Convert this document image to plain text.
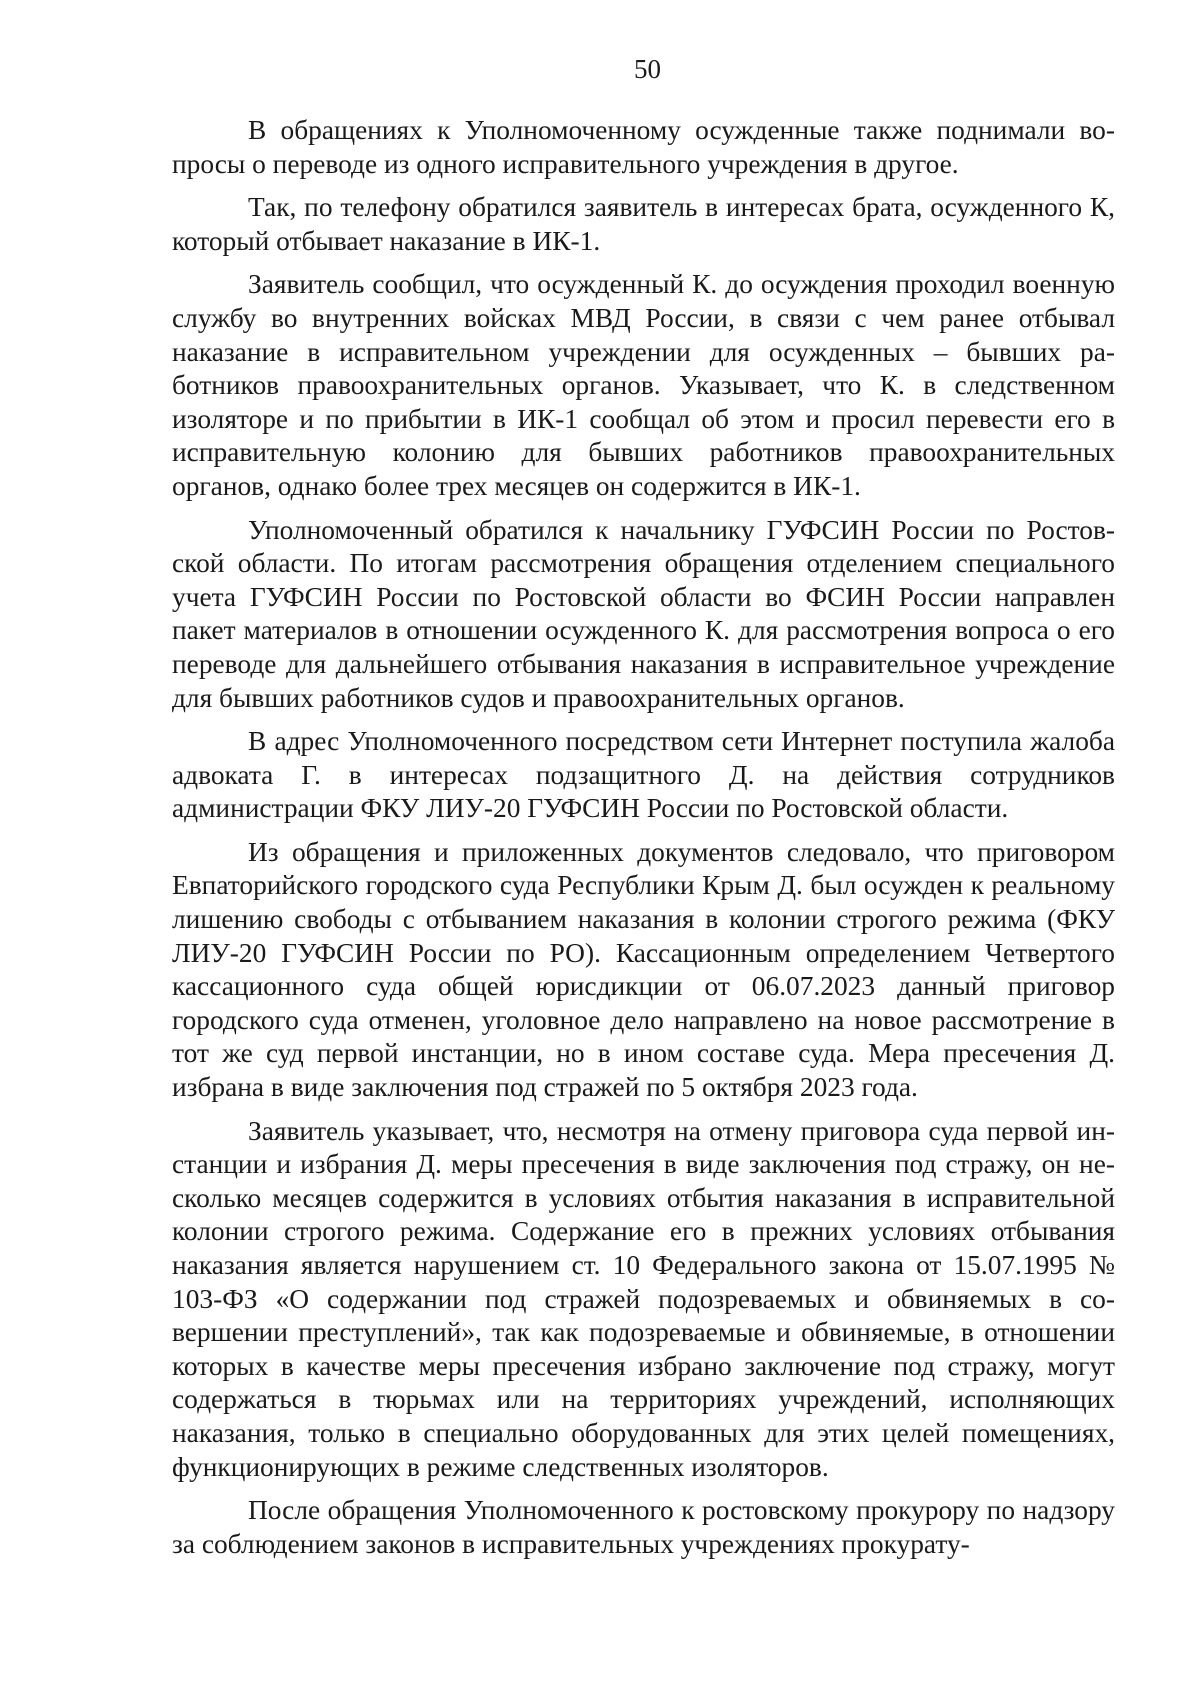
50

В обращениях к Уполномоченному осужденные также поднимали вопросы о переводе из одного исправительного учреждения в другое.

Так, по телефону обратился заявитель в интересах брата, осужденного К, который отбывает наказание в ИК-1.

Заявитель сообщил, что осужденный К. до осуждения проходил военную службу во внутренних войсках МВД России, в связи с чем ранее отбывал наказание в исправительном учреждении для осужденных – бывших работников правоохранительных органов. Указывает, что К. в следственном изоляторе и по прибытии в ИК-1 сообщал об этом и просил перевести его в исправительную колонию для бывших работников правоохранительных органов, однако более трех месяцев он содержится в ИК-1.

Уполномоченный обратился к начальнику ГУФСИН России по Ростовской области. По итогам рассмотрения обращения отделением специального учета ГУФСИН России по Ростовской области во ФСИН России направлен пакет материалов в отношении осужденного К. для рассмотрения вопроса о его переводе для дальнейшего отбывания наказания в исправительное учреждение для бывших работников судов и правоохранительных органов.

В адрес Уполномоченного посредством сети Интернет поступила жалоба адвоката Г. в интересах подзащитного Д. на действия сотрудников администрации ФКУ ЛИУ-20 ГУФСИН России по Ростовской области.

Из обращения и приложенных документов следовало, что приговором Евпаторийского городского суда Республики Крым Д. был осужден к реальному лишению свободы с отбыванием наказания в колонии строгого режима (ФКУ ЛИУ-20 ГУФСИН России по РО). Кассационным определением Четвертого кассационного суда общей юрисдикции от 06.07.2023 данный приговор городского суда отменен, уголовное дело направлено на новое рассмотрение в тот же суд первой инстанции, но в ином составе суда. Мера пресечения Д. избрана в виде заключения под стражей по 5 октября 2023 года.

Заявитель указывает, что, несмотря на отмену приговора суда первой инстанции и избрания Д. меры пресечения в виде заключения под стражу, он несколько месяцев содержится в условиях отбытия наказания в исправительной колонии строгого режима. Содержание его в прежних условиях отбывания наказания является нарушением ст. 10 Федерального закона от 15.07.1995 № 103-ФЗ «О содержании под стражей подозреваемых и обвиняемых в совершении преступлений», так как подозреваемые и обвиняемые, в отношении которых в качестве меры пресечения избрано заключение под стражу, могут содержаться в тюрьмах или на территориях учреждений, исполняющих наказания, только в специально оборудованных для этих целей помещениях, функционирующих в режиме следственных изоляторов.

После обращения Уполномоченного к ростовскому прокурору по надзору за соблюдением законов в исправительных учреждениях прокурату-
